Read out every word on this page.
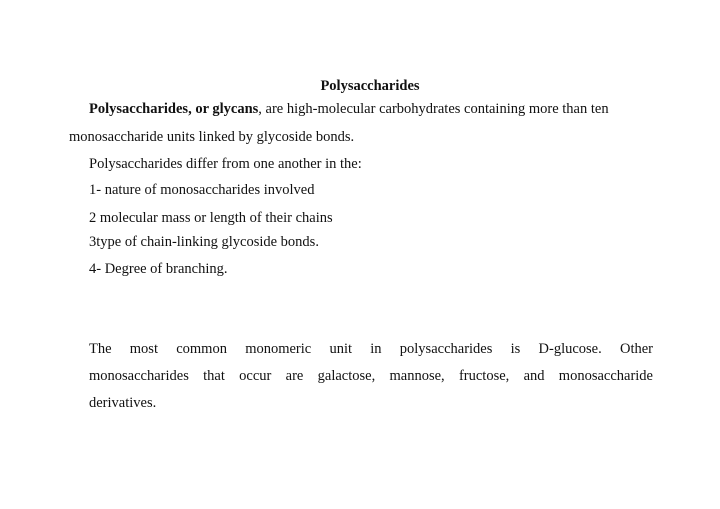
Polysaccharides
Polysaccharides, or glycans, are high-molecular carbohydrates containing more than ten
monosaccharide units linked by glycoside bonds.
Polysaccharides differ from one another in the:
1- nature of monosaccharides involved
2 molecular mass or length of their chains
3type of chain-linking glycoside bonds.
4- Degree of branching.
The most common monomeric unit in polysaccharides is D-glucose. Other
monosaccharides that occur are galactose, mannose, fructose, and monosaccharide
derivatives.
